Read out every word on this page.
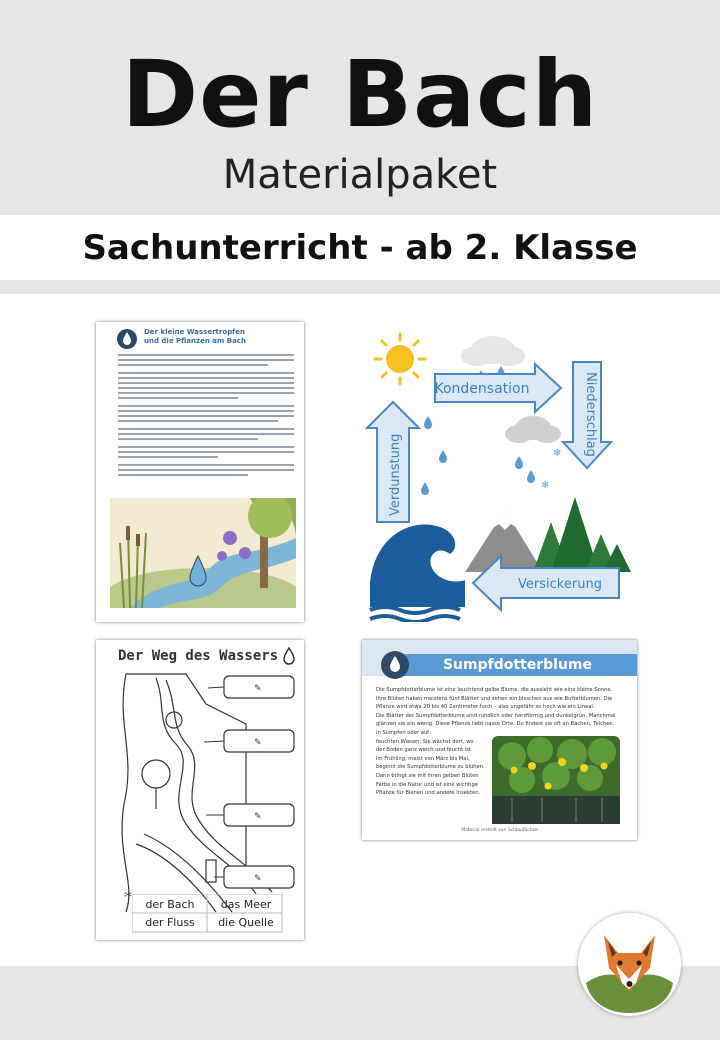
Der Bach
Materialpaket
Sachunterricht - ab 2. Klasse
Der kleine Wassertropfen
und die Pflanzen am Bach
Kondensation	Niederschlag
❄
❄
Verdunstung
Versickerung
Der Weg des Wassers
✎
✎
✎
✎
✂
der Bach	das Meer
der Fluss	die Quelle
Sumpfdotterblume
Die Sumpfdotterblume ist eine leuchtend gelbe Blume, die aussieht wie eine kleine Sonne.
Ihre Blüten haben meistens fünf Blätter und sehen ein bisschen aus wie Butterblumen. Die
Pflanze wird etwa 20 bis 40 Zentimeter hoch – also ungefähr so hoch wie ein Lineal.
Die Blätter der Sumpfdotterblume sind rundlich oder herzförmig und dunkelgrün. Manchmal
glänzen sie ein wenig. Diese Pflanze liebt nasse Orte. Du findest sie oft an Bächen, Teichen,
in Sümpfen oder auf
feuchten Wiesen. Sie wächst dort, wo
der Boden ganz weich und feucht ist.
Im Frühling, meist von März bis Mai,
beginnt die Sumpfdotterblume zu blühen.
Dann bringt sie mit ihren gelben Blüten
Farbe in die Natur und ist eine wichtige
Pflanze für Bienen und andere Insekten.
Material erstellt von Schlaufüchse
